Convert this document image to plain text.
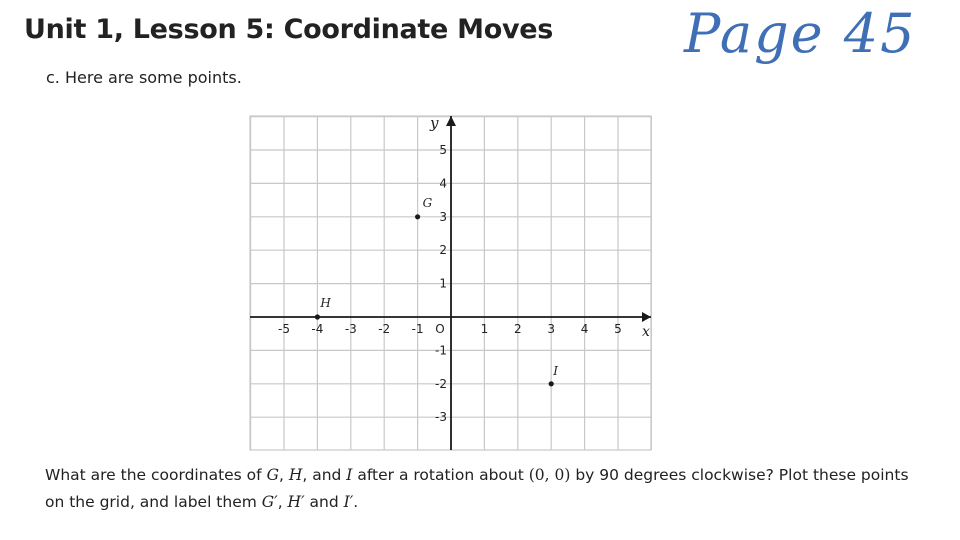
Unit 1, Lesson 5: Coordinate Moves Page 45

c. Here are some points.

x
y
-5 -4 -3 -2 -1 O	1 2 3 4 5
5
4
3
2
1
-1
-2
-3
G
H
I

What are the coordinates of G, H, and I after a rotation about (0, 0) by 90 degrees clockwise? Plot these points on the grid, and label them G′, H′ and I′.
